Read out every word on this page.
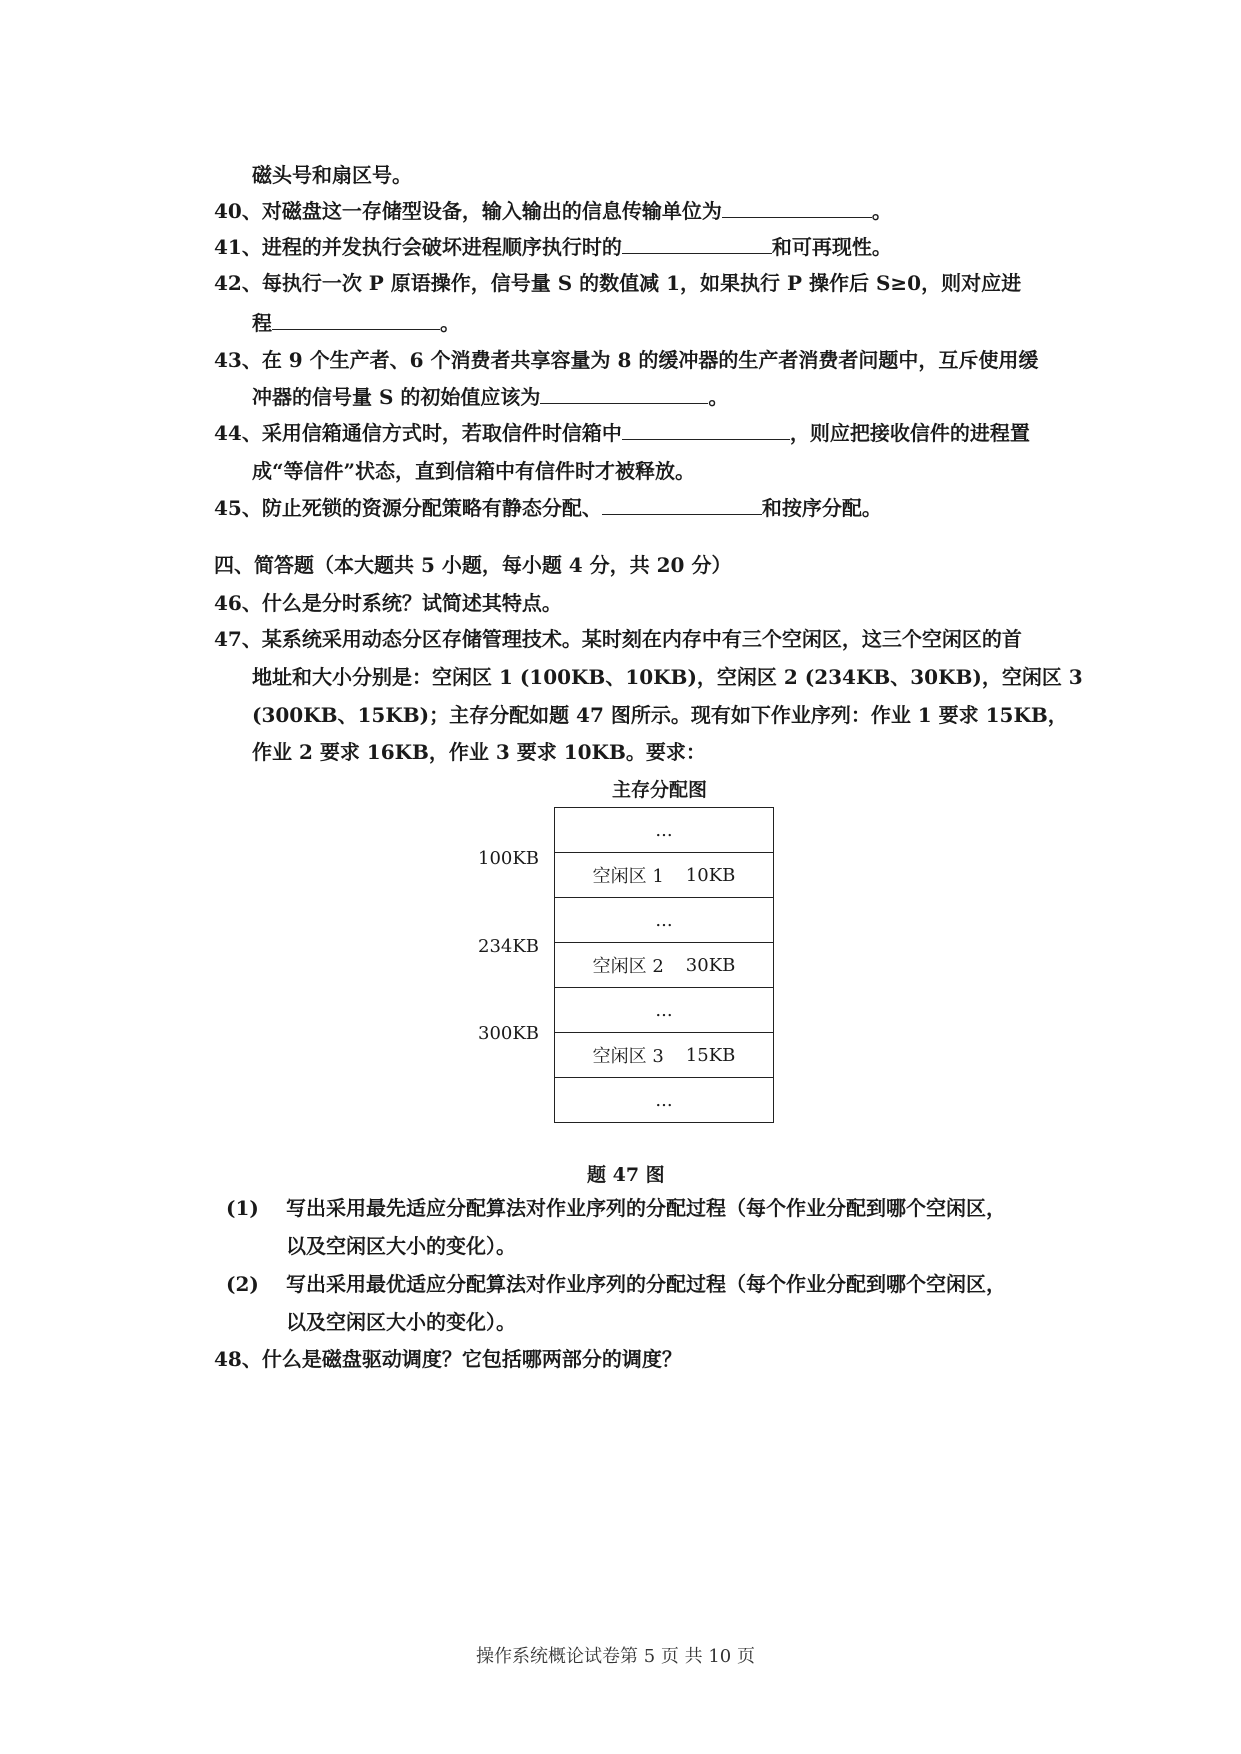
磁头号和扇区号。
40、对磁盘这一存储型设备，输入输出的信息传输单位为	。
41、进程的并发执行会破坏进程顺序执行时的	和可再现性。
42、每执行一次 P 原语操作，信号量 S 的数值减 1，如果执行 P 操作后 S≥0，则对应进
程	。
43、在 9 个生产者、6 个消费者共享容量为 8 的缓冲器的生产者消费者问题中，互斥使用缓
冲器的信号量 S 的初始值应该为	。
44、采用信箱通信方式时，若取信件时信箱中	，则应把接收信件的进程置
成“等信件”状态，直到信箱中有信件时才被释放。
45、防止死锁的资源分配策略有静态分配、	和按序分配。
四、简答题（本大题共 5 小题，每小题 4 分，共 20 分）
46、什么是分时系统？试简述其特点。
47、某系统采用动态分区存储管理技术。某时刻在内存中有三个空闲区，这三个空闲区的首
地址和大小分别是：空闲区 1 (100KB、10KB)，空闲区 2 (234KB、30KB)，空闲区 3
(300KB、15KB)；主存分配如题 47 图所示。现有如下作业序列：作业 1 要求 15KB，
作业 2 要求 16KB，作业 3 要求 10KB。要求：
主存分配图
100KB
234KB
300KB
...
空闲区 1 10KB
...
空闲区 2 30KB
...
空闲区 3 15KB
...
题 47 图
(1) 写出采用最先适应分配算法对作业序列的分配过程（每个作业分配到哪个空闲区，
以及空闲区大小的变化）。
(2) 写出采用最优适应分配算法对作业序列的分配过程（每个作业分配到哪个空闲区，
以及空闲区大小的变化）。
48、什么是磁盘驱动调度？它包括哪两部分的调度？
操作系统概论试卷第 5 页 共 10 页
